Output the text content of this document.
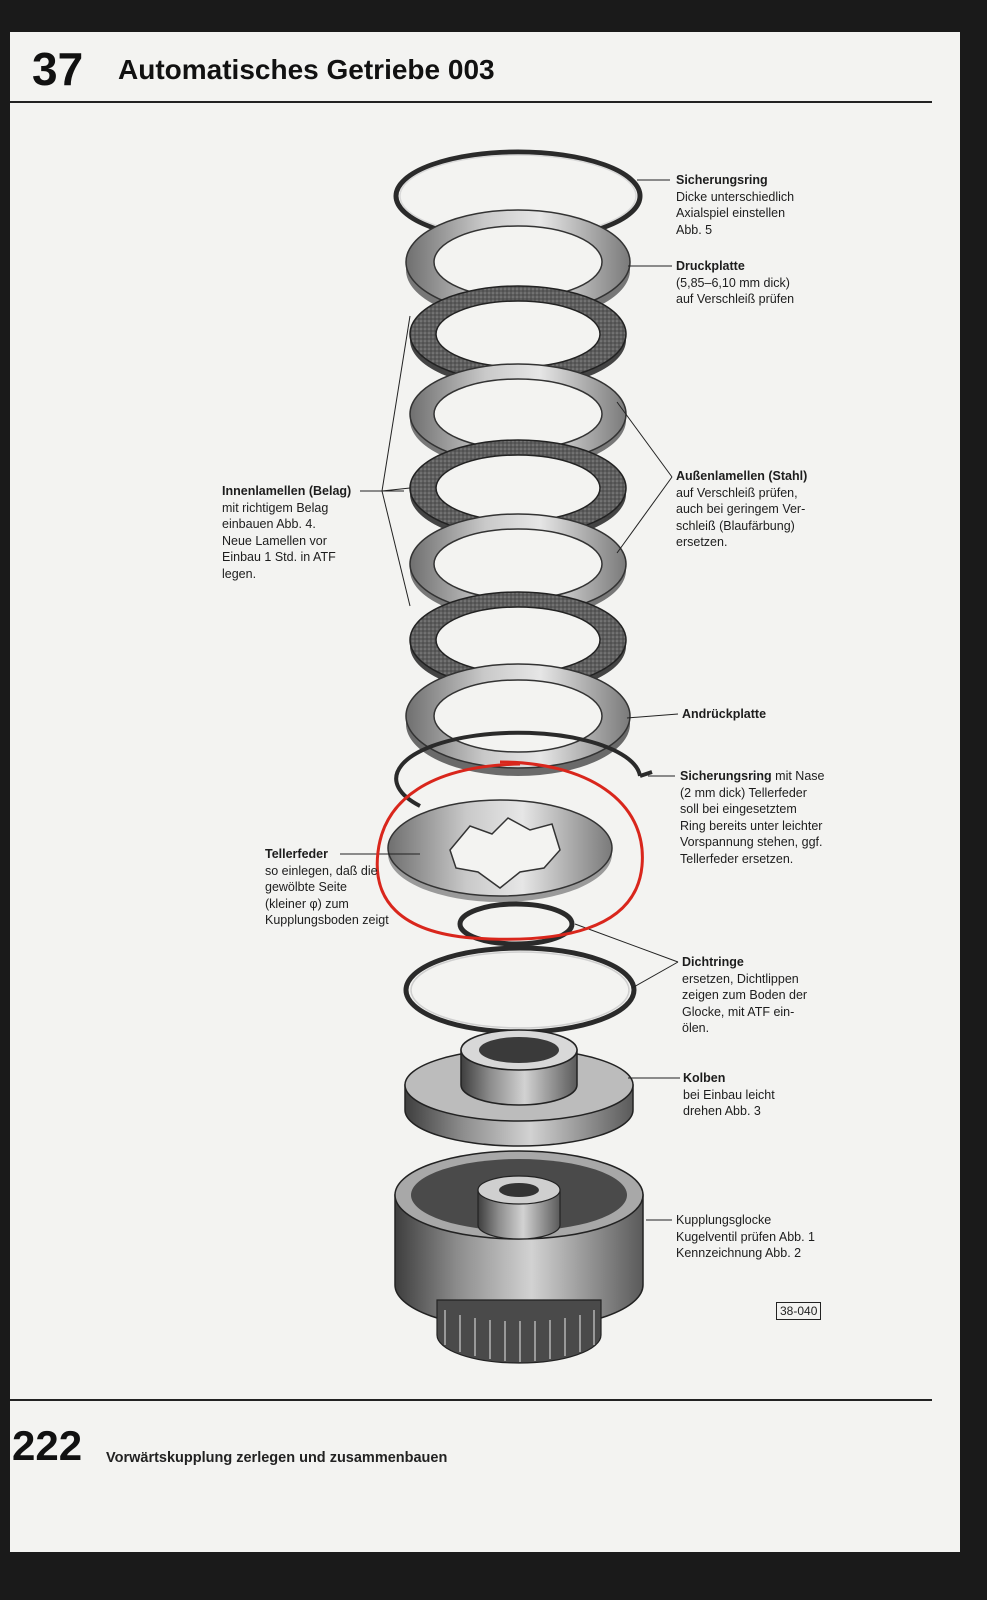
37 Automatisches Getriebe 003
Sicherungsring
Dicke unterschiedlich
Axialspiel einstellen
Abb. 5
Druckplatte
(5,85–6,10 mm dick)
auf Verschleiß prüfen
Außenlamellen (Stahl)
auf Verschleiß prüfen,
auch bei geringem Ver-
schleiß (Blaufärbung)
ersetzen.
Innenlamellen (Belag)
mit richtigem Belag
einbauen Abb. 4.
Neue Lamellen vor
Einbau 1 Std. in ATF
legen.
Andrückplatte
Sicherungsring mit Nase
(2 mm dick) Tellerfeder
soll bei eingesetztem
Ring bereits unter leichter
Vorspannung stehen, ggf.
Tellerfeder ersetzen.
Tellerfeder
so einlegen, daß die
gewölbte Seite
(kleiner φ) zum
Kupplungsboden zeigt
Dichtringe
ersetzen, Dichtlippen
zeigen zum Boden der
Glocke, mit ATF ein-
ölen.
Kolben
bei Einbau leicht
drehen Abb. 3
Kupplungsglocke
Kugelventil prüfen Abb. 1
Kennzeichnung Abb. 2
38-040
222 Vorwärtskupplung zerlegen und zusammenbauen
